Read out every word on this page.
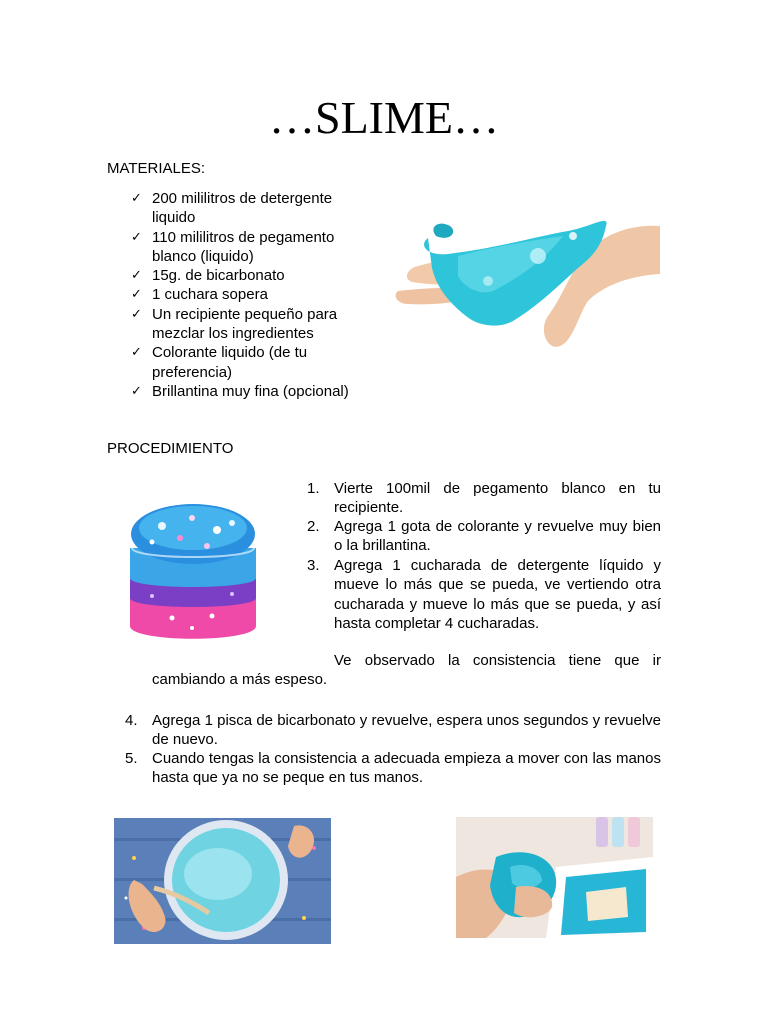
…SLIME…
MATERIALES:
✓ 200 mililitros de detergente liquido
✓ 110 mililitros de pegamento blanco (liquido)
✓ 15g. de bicarbonato
✓ 1 cuchara sopera
✓ Un recipiente pequeño para mezclar los ingredientes
✓ Colorante liquido (de tu preferencia)
✓ Brillantina muy fina (opcional)
PROCEDIMIENTO
1. Vierte 100mil de pegamento blanco en tu recipiente.
2. Agrega 1 gota de colorante y revuelve muy bien o la brillantina.
3. Agrega 1 cucharada de detergente líquido y mueve lo más que se pueda, ve vertiendo otra cucharada y mueve lo más que se pueda, y así hasta completar 4 cucharadas.
Ve observado la consistencia tiene que ir
cambiando a más espeso.
4. Agrega 1 pisca de bicarbonato y revuelve, espera unos segundos y revuelve de nuevo.
5. Cuando tengas la consistencia a adecuada empieza a mover con las manos hasta que ya no se peque en tus manos.
